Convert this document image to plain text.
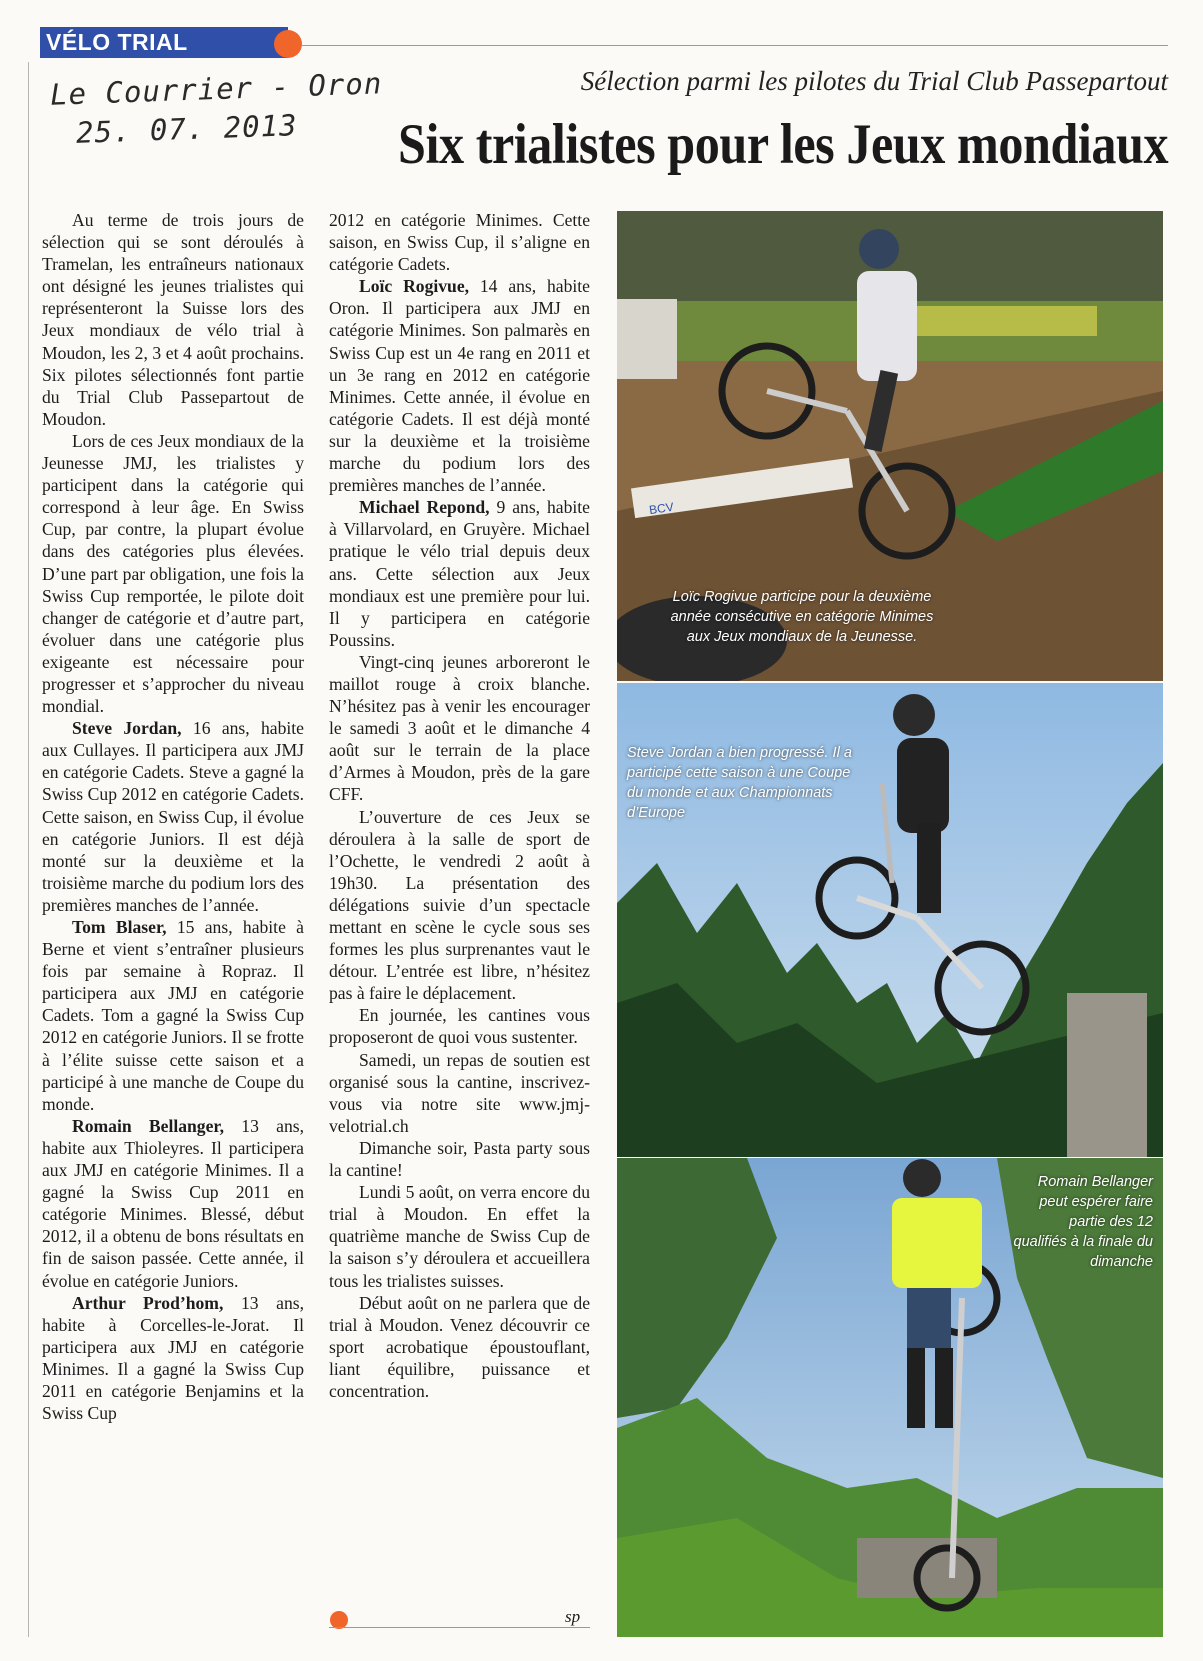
VÉLO TRIAL
Le Courrier - Oron
25. 07. 2013
Sélection parmi les pilotes du Trial Club Passepartout
Six trialistes pour les Jeux mondiaux

Au terme de trois jours de sélection qui se sont déroulés à Tramelan, les entraîneurs nationaux ont désigné les jeunes trialistes qui représenteront la Suisse lors des Jeux mondiaux de vélo trial à Moudon, les 2, 3 et 4 août prochains. Six pilotes sélectionnés font partie du Trial Club Passepartout de Moudon.

Lors de ces Jeux mondiaux de la Jeunesse JMJ, les trialistes y participent dans la catégorie qui correspond à leur âge. En Swiss Cup, par contre, la plupart évolue dans des catégories plus élevées. D’une part par obligation, une fois la Swiss Cup remportée, le pilote doit changer de catégorie et d’autre part, évoluer dans une catégorie plus exigeante est nécessaire pour progresser et s’approcher du niveau mondial.

Steve Jordan, 16 ans, habite aux Cullayes. Il participera aux JMJ en catégorie Cadets. Steve a gagné la Swiss Cup 2012 en catégorie Cadets. Cette saison, en Swiss Cup, il évolue en catégorie Juniors. Il est déjà monté sur la deuxième et la troisième marche du podium lors des premières manches de l’année.

Tom Blaser, 15 ans, habite à Berne et vient s’entraîner plusieurs fois par semaine à Ropraz. Il participera aux JMJ en catégorie Cadets. Tom a gagné la Swiss Cup 2012 en catégorie Juniors. Il se frotte à l’élite suisse cette saison et a participé à une manche de Coupe du monde.

Romain Bellanger, 13 ans, habite aux Thioleyres. Il participera aux JMJ en catégorie Minimes. Il a gagné la Swiss Cup 2011 en catégorie Minimes. Blessé, début 2012, il a obtenu de bons résultats en fin de saison passée. Cette année, il évolue en catégorie Juniors.

Arthur Prod’hom, 13 ans, habite à Corcelles-le-Jorat. Il participera aux JMJ en catégorie Minimes. Il a gagné la Swiss Cup 2011 en catégorie Benjamins et la Swiss Cup

2012 en catégorie Minimes. Cette saison, en Swiss Cup, il s’aligne en catégorie Cadets.

Loïc Rogivue, 14 ans, habite Oron. Il participera aux JMJ en catégorie Minimes. Son palmarès en Swiss Cup est un 4e rang en 2011 et un 3e rang en 2012 en catégorie Minimes. Cette année, il évolue en catégorie Cadets. Il est déjà monté sur la deuxième et la troisième marche du podium lors des premières manches de l’année.

Michael Repond, 9 ans, habite à Villarvolard, en Gruyère. Michael pratique le vélo trial depuis deux ans. Cette sélection aux Jeux mondiaux est une première pour lui. Il y participera en catégorie Poussins.

Vingt-cinq jeunes arboreront le maillot rouge à croix blanche. N’hésitez pas à venir les encourager le samedi 3 août et le dimanche 4 août sur le terrain de la place d’Armes à Moudon, près de la gare CFF.

L’ouverture de ces Jeux se déroulera à la salle de sport de l’Ochette, le vendredi 2 août à 19h30. La présentation des délégations suivie d’un spectacle mettant en scène le cycle sous ses formes les plus surprenantes vaut le détour. L’entrée est libre, n’hésitez pas à faire le déplacement.

En journée, les cantines vous proposeront de quoi vous sustenter.

Samedi, un repas de soutien est organisé sous la cantine, inscrivez-vous via notre site www.jmj-velotrial.ch

Dimanche soir, Pasta party sous la cantine!

Lundi 5 août, on verra encore du trial à Moudon. En effet la quatrième manche de Swiss Cup de la saison s’y déroulera et accueillera tous les trialistes suisses.

Début août on ne parlera que de trial à Moudon. Venez découvrir ce sport acrobatique époustouflant, liant équilibre, puissance et concentration.

sp
BCV
Loïc Rogivue participe pour la deuxième année consécutive en catégorie Minimes aux Jeux mondiaux de la Jeunesse.
Steve Jordan a bien progressé. Il a participé cette saison à une Coupe du monde et aux Championnats d’Europe
Romain Bellanger peut espérer faire partie des 12 qualifiés à la finale du dimanche
